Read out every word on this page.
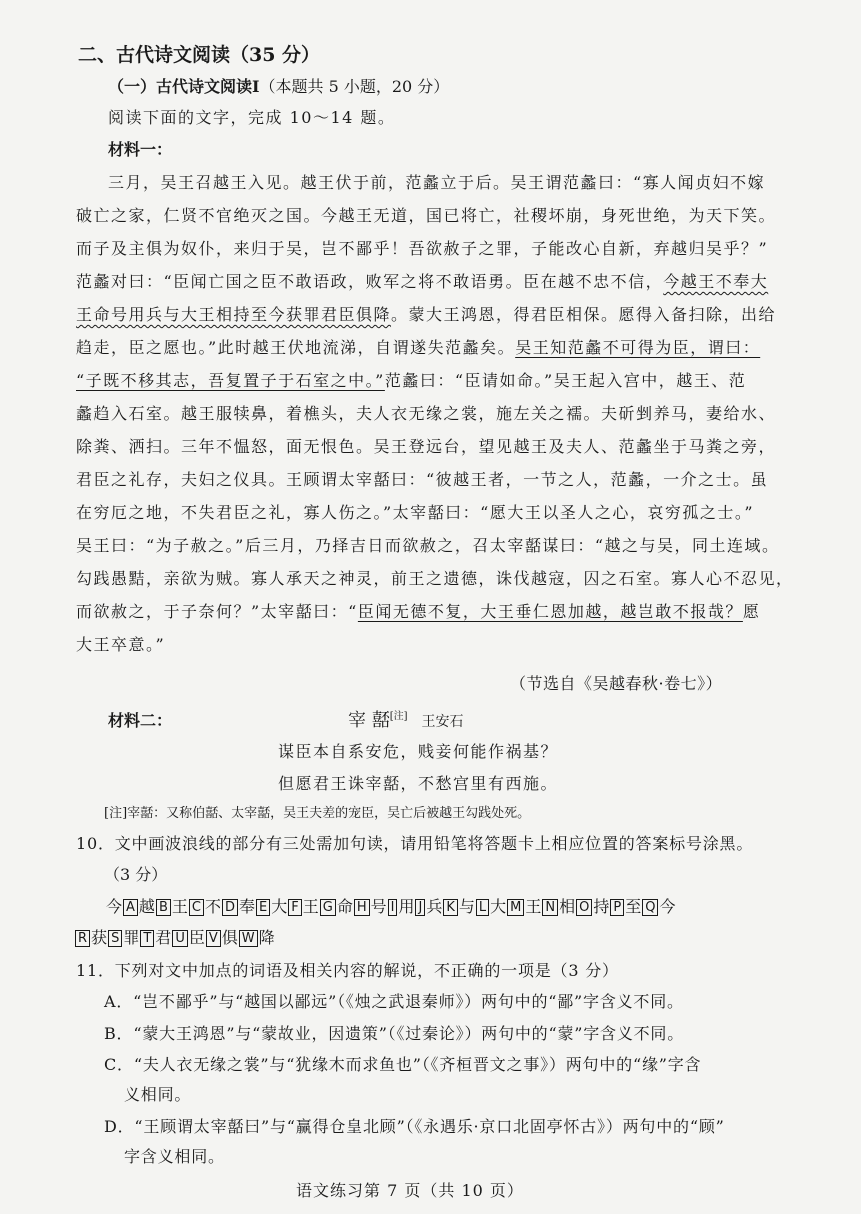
二、古代诗文阅读（35 分）
（一）古代诗文阅读Ⅰ（本题共 5 小题，20 分）
阅读下面的文字，完成 10～14 题。
材料一：
三月，吴王召越王入见。越王伏于前，范蠡立于后。吴王谓范蠡曰：“寡人闻贞妇不嫁
破亡之家，仁贤不官绝灭之国。今越王无道，国已将亡，社稷坏崩，身死世绝，为天下笑。
而子及主俱为奴仆，来归于吴，岂不鄙乎！吾欲赦子之罪，子能改心自新，弃越归吴乎？”
范蠡对曰：“臣闻亡国之臣不敢语政，败军之将不敢语勇。臣在越不忠不信，今越王不奉大
王命号用兵与大王相持至今获罪君臣俱降。蒙大王鸿恩，得君臣相保。愿得入备扫除，出给
趋走，臣之愿也。”此时越王伏地流涕，自谓遂失范蠡矣。吴王知范蠡不可得为臣，谓曰：
“子既不移其志，吾复置子于石室之中。”范蠡曰：“臣请如命。”吴王起入宫中，越王、范
蠡趋入石室。越王服犊鼻，着樵头，夫人衣无缘之裳，施左关之襦。夫斫剉养马，妻给水、
除粪、洒扫。三年不愠怒，面无恨色。吴王登远台，望见越王及夫人、范蠡坐于马粪之旁，
君臣之礼存，夫妇之仪具。王顾谓太宰嚭曰：“彼越王者，一节之人，范蠡，一介之士。虽
在穷厄之地，不失君臣之礼，寡人伤之。”太宰嚭曰：“愿大王以圣人之心，哀穷孤之士。”
吴王曰：“为子赦之。”后三月，乃择吉日而欲赦之，召太宰嚭谋曰：“越之与吴，同土连域。
勾践愚黠，亲欲为贼。寡人承天之神灵，前王之遗德，诛伐越寇，囚之石室。寡人心不忍见，
而欲赦之，于子奈何？”太宰嚭曰：“臣闻无德不复，大王垂仁恩加越，越岂敢不报哉？愿
大王卒意。”
（节选自《吴越春秋·卷七》）
材料二：	宰 嚭[注] 王安石
谋臣本自系安危，贱妾何能作祸基？
但愿君王诛宰嚭，不愁宫里有西施。
[注]宰嚭：又称伯嚭、太宰嚭，吴王夫差的宠臣，吴亡后被越王勾践处死。
10．文中画波浪线的部分有三处需加句读，请用铅笔将答题卡上相应位置的答案标号涂黑。
（3 分）
今 A 越 B 王 C 不 D 奉 E 大 F 王 G 命 H 号 I 用 J 兵 K 与 L 大 M 王 N 相 O 持 P 至 Q 今
R 获 S 罪 T 君 U 臣 V 俱 W 降
11．下列对文中加点的词语及相关内容的解说，不正确的一项是（3 分）
A．“岂不鄙乎”与“越国以鄙远”（《烛之武退秦师》）两句中的“鄙”字含义不同。
B．“蒙大王鸿恩”与“蒙故业，因遗策”（《过秦论》）两句中的“蒙”字含义不同。
C．“夫人衣无缘之裳”与“犹缘木而求鱼也”（《齐桓晋文之事》）两句中的“缘”字含
义相同。
D．“王顾谓太宰嚭曰”与“赢得仓皇北顾”（《永遇乐·京口北固亭怀古》）两句中的“顾”
字含义相同。
语文练习第 7 页（共 10 页）
